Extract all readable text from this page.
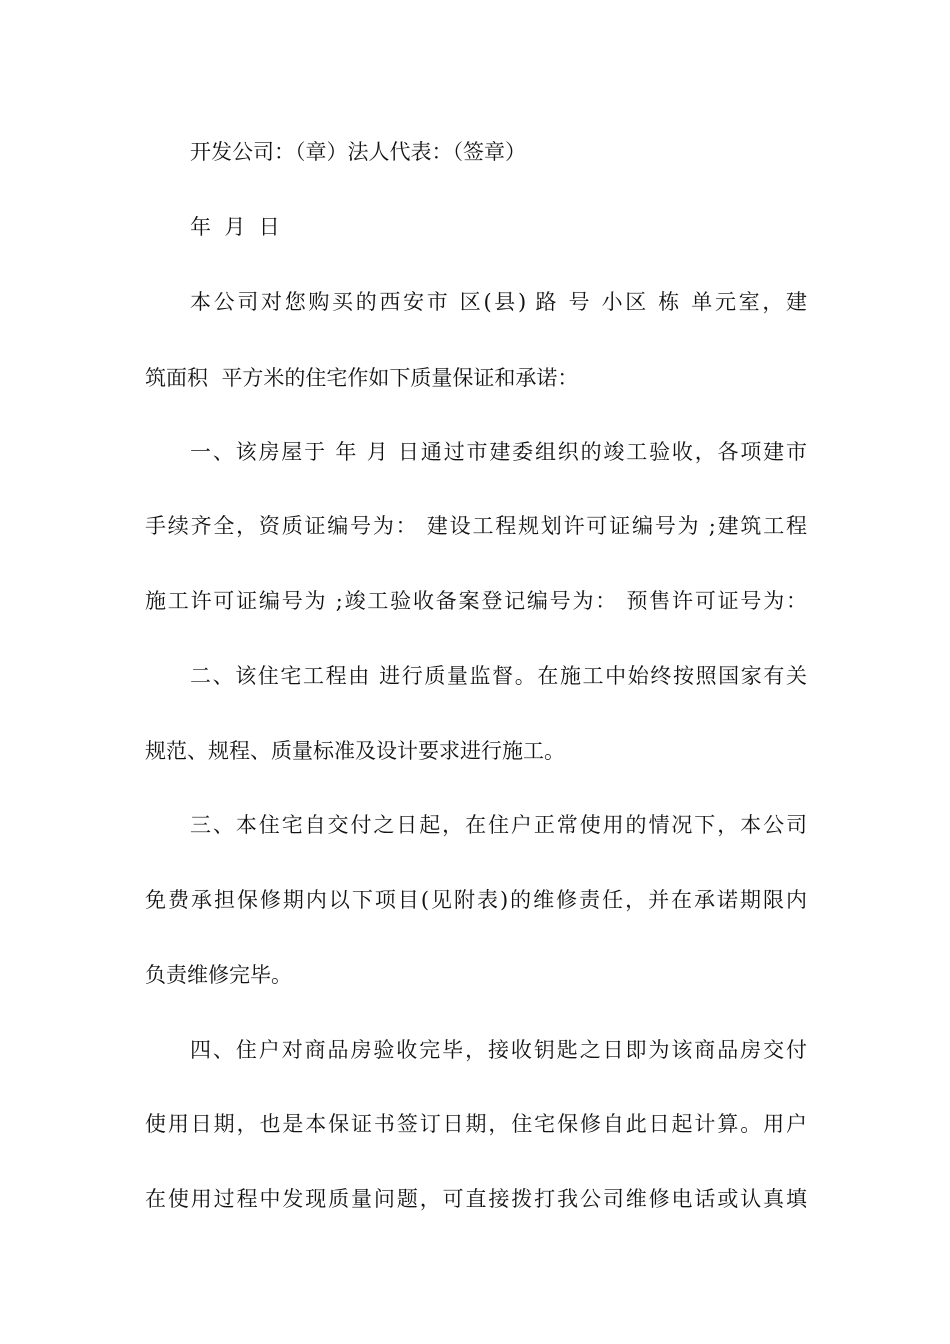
开发公司：（章）法人代表：（签章）

年  月  日

本公司对您购买的西安市 区(县) 路 号 小区 栋 单元室，建

筑面积  平方米的住宅作如下质量保证和承诺：

一、该房屋于 年 月 日通过市建委组织的竣工验收，各项建市

手续齐全，资质证编号为： 建设工程规划许可证编号为 ;建筑工程

施工许可证编号为 ;竣工验收备案登记编号为： 预售许可证号为：

二、该住宅工程由 进行质量监督。在施工中始终按照国家有关

规范、规程、质量标准及设计要求进行施工。

三、本住宅自交付之日起，在住户正常使用的情况下，本公司

免费承担保修期内以下项目(见附表)的维修责任，并在承诺期限内

负责维修完毕。

四、住户对商品房验收完毕，接收钥匙之日即为该商品房交付

使用日期，也是本保证书签订日期，住宅保修自此日起计算。用户

在使用过程中发现质量问题，可直接拨打我公司维修电话或认真填
